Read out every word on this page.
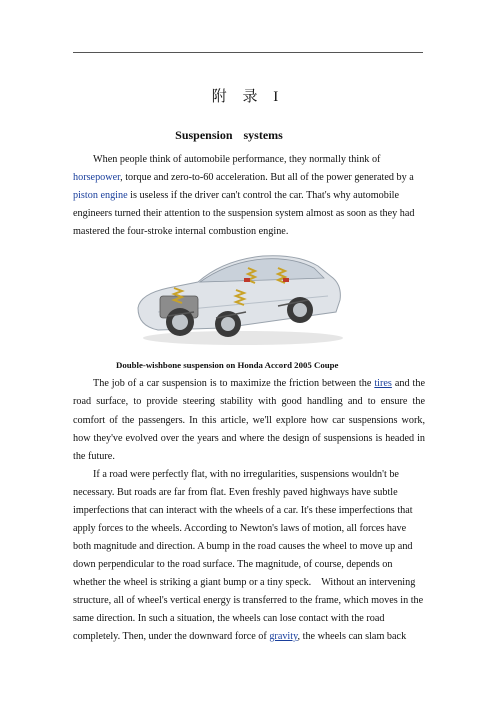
附 录 I
Suspension systems
When people think of automobile performance, they normally think of
horsepower, torque and zero-to-60 acceleration. But all of the power generated by a
piston engine is useless if the driver can't control the car. That's why automobile
engineers turned their attention to the suspension system almost as soon as they had
mastered the four-stroke internal combustion engine.
Double-wishbone suspension on Honda Accord 2005 Coupe

The job of a car suspension is to maximize the friction between the tires and the road surface, to provide steering stability with good handling and to ensure the comfort of the passengers. In this article, we'll explore how car suspensions work, how they've evolved over the years and where the design of suspensions is headed in the future.

If a road were perfectly flat, with no irregularities, suspensions wouldn't be
necessary. But roads are far from flat. Even freshly paved highways have subtle
imperfections that can interact with the wheels of a car. It's these imperfections that
apply forces to the wheels. According to Newton's laws of motion, all forces have
both magnitude and direction. A bump in the road causes the wheel to move up and
down perpendicular to the road surface. The magnitude, of course, depends on
whether the wheel is striking a giant bump or a tiny speck.    Without an intervening
structure, all of wheel's vertical energy is transferred to the frame, which moves in the
same direction. In such a situation, the wheels can lose contact with the road
completely. Then, under the downward force of gravity, the wheels can slam back
